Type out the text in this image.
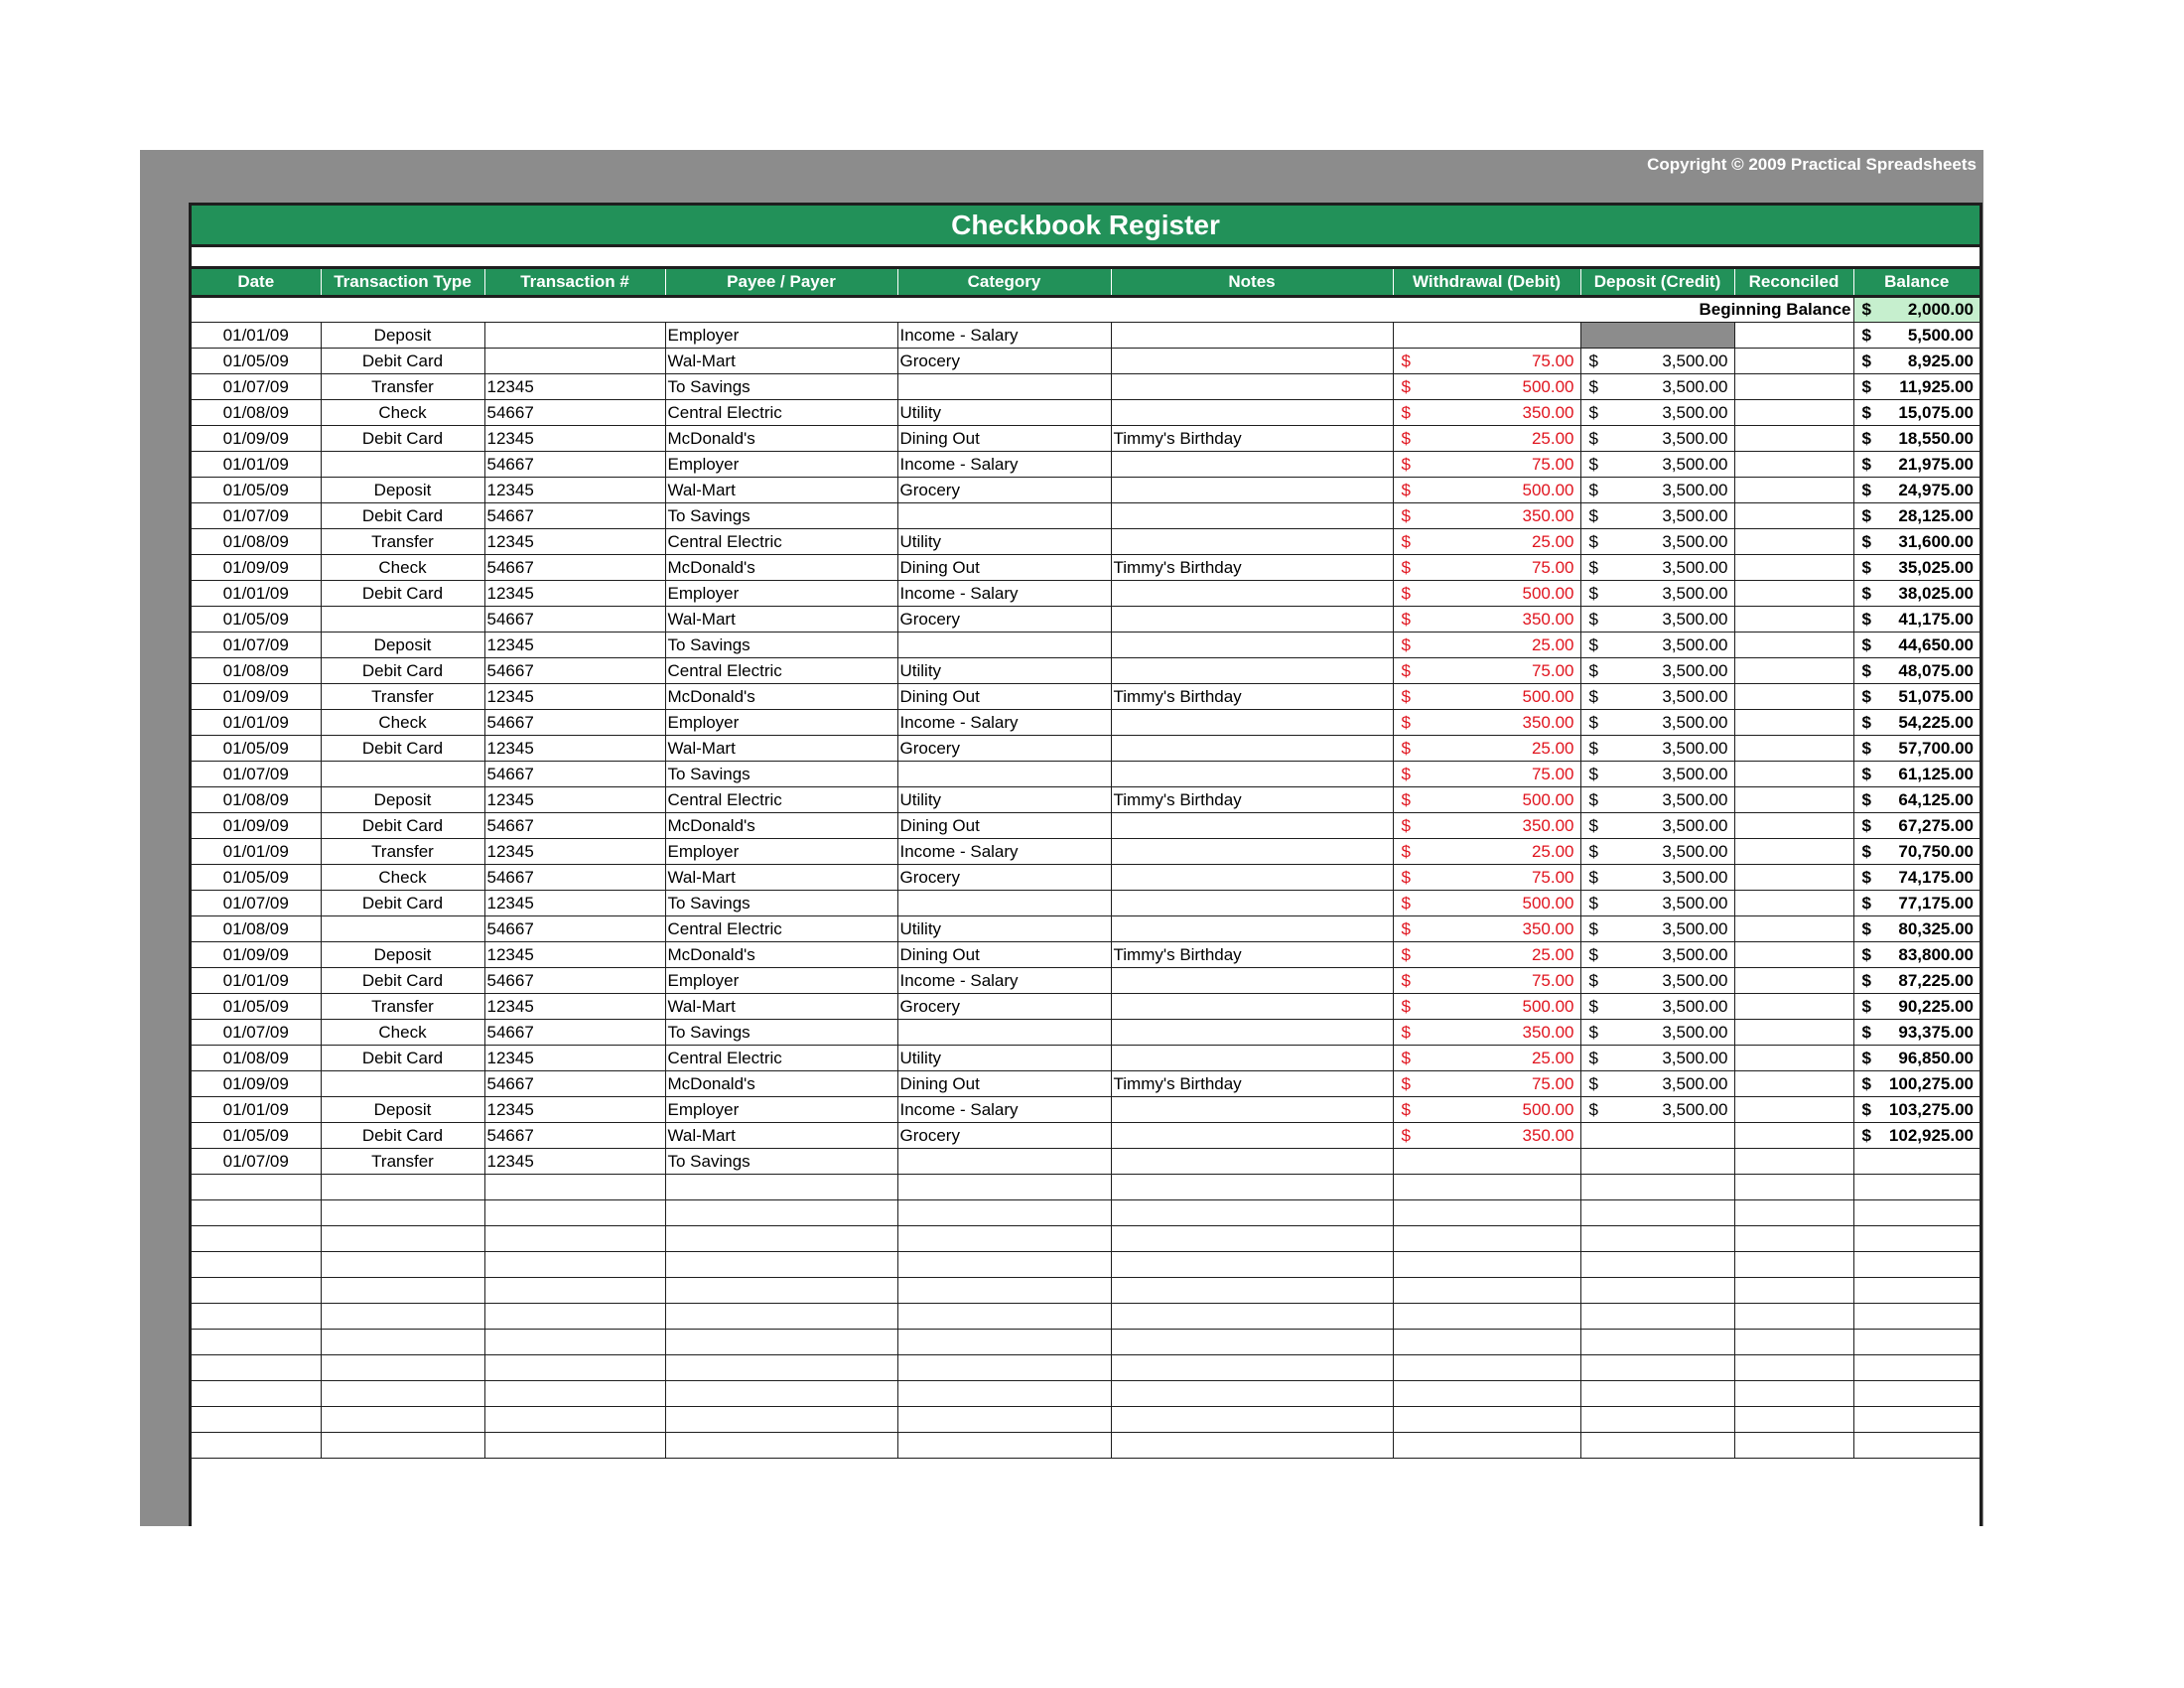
Copyright © 2009 Practical Spreadsheets
Checkbook Register
Date	Transaction Type	Transaction #	Payee / Payer	Category	Notes	Withdrawal (Debit)	Deposit (Credit)	Reconciled	Balance
Beginning Balance									$ 2,000.00

01/01/09	Deposit		Employer	Income - Salary					$ 5,500.00

01/05/09	Debit Card		Wal-Mart	Grocery		$ 75.00	$ 3,500.00		$ 8,925.00

01/07/09	Transfer	12345	To Savings			$ 500.00	$ 3,500.00		$ 11,925.00

01/08/09	Check	54667	Central Electric	Utility		$ 350.00	$ 3,500.00		$ 15,075.00

01/09/09	Debit Card	12345	McDonald's	Dining Out	Timmy's Birthday	$ 25.00	$ 3,500.00		$ 18,550.00

01/01/09		54667	Employer	Income - Salary		$ 75.00	$ 3,500.00		$ 21,975.00

01/05/09	Deposit	12345	Wal-Mart	Grocery		$ 500.00	$ 3,500.00		$ 24,975.00

01/07/09	Debit Card	54667	To Savings			$ 350.00	$ 3,500.00		$ 28,125.00

01/08/09	Transfer	12345	Central Electric	Utility		$ 25.00	$ 3,500.00		$ 31,600.00

01/09/09	Check	54667	McDonald's	Dining Out	Timmy's Birthday	$ 75.00	$ 3,500.00		$ 35,025.00

01/01/09	Debit Card	12345	Employer	Income - Salary		$ 500.00	$ 3,500.00		$ 38,025.00

01/05/09		54667	Wal-Mart	Grocery		$ 350.00	$ 3,500.00		$ 41,175.00

01/07/09	Deposit	12345	To Savings			$ 25.00	$ 3,500.00		$ 44,650.00

01/08/09	Debit Card	54667	Central Electric	Utility		$ 75.00	$ 3,500.00		$ 48,075.00

01/09/09	Transfer	12345	McDonald's	Dining Out	Timmy's Birthday	$ 500.00	$ 3,500.00		$ 51,075.00

01/01/09	Check	54667	Employer	Income - Salary		$ 350.00	$ 3,500.00		$ 54,225.00

01/05/09	Debit Card	12345	Wal-Mart	Grocery		$ 25.00	$ 3,500.00		$ 57,700.00

01/07/09		54667	To Savings			$ 75.00	$ 3,500.00		$ 61,125.00

01/08/09	Deposit	12345	Central Electric	Utility	Timmy's Birthday	$ 500.00	$ 3,500.00		$ 64,125.00

01/09/09	Debit Card	54667	McDonald's	Dining Out		$ 350.00	$ 3,500.00		$ 67,275.00

01/01/09	Transfer	12345	Employer	Income - Salary		$ 25.00	$ 3,500.00		$ 70,750.00

01/05/09	Check	54667	Wal-Mart	Grocery		$ 75.00	$ 3,500.00		$ 74,175.00

01/07/09	Debit Card	12345	To Savings			$ 500.00	$ 3,500.00		$ 77,175.00

01/08/09		54667	Central Electric	Utility		$ 350.00	$ 3,500.00		$ 80,325.00

01/09/09	Deposit	12345	McDonald's	Dining Out	Timmy's Birthday	$ 25.00	$ 3,500.00		$ 83,800.00

01/01/09	Debit Card	54667	Employer	Income - Salary		$ 75.00	$ 3,500.00		$ 87,225.00

01/05/09	Transfer	12345	Wal-Mart	Grocery		$ 500.00	$ 3,500.00		$ 90,225.00

01/07/09	Check	54667	To Savings			$ 350.00	$ 3,500.00		$ 93,375.00

01/08/09	Debit Card	12345	Central Electric	Utility		$ 25.00	$ 3,500.00		$ 96,850.00

01/09/09		54667	McDonald's	Dining Out	Timmy's Birthday	$ 75.00	$ 3,500.00		$ 100,275.00

01/01/09	Deposit	12345	Employer	Income - Salary		$ 500.00	$ 3,500.00		$ 103,275.00

01/05/09	Debit Card	54667	Wal-Mart	Grocery		$ 350.00			$ 102,925.00

01/07/09	Transfer	12345	To Savings						
